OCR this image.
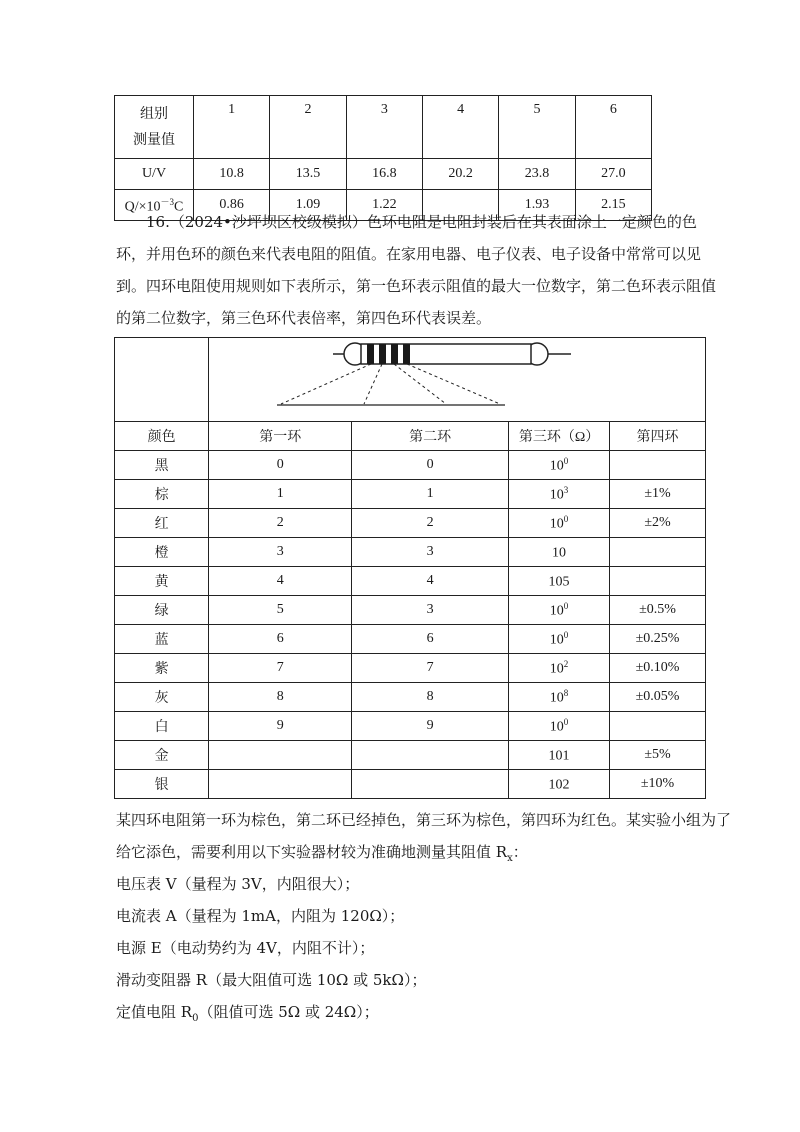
组别
测量值	1	2	3	4	5	6
U/V	10.8	13.5	16.8	20.2	23.8	27.0
$Q/\times 10^{-3}C$	0.86	1.09	1.22		1.93	2.15
16.（2024•沙坪坝区校级模拟）色环电阻是电阻封装后在其表面涂上一定颜色的色环，并用色环的颜色来代表电阻的阻值。在家用电器、电子仪表、电子设备中常常可以见到。四环电阻使用规则如下表所示，第一色环表示阻值的最大一位数字，第二色环表示阻值的第二位数字，第三色环代表倍率，第四色环代表误差。

颜色	第一环	第二环	第三环（Ω）	第四环
黑	0	0	$10^0$	
棕	1	1	$10^3$	±1%
红	2	2	$10^0$	±2%
橙	3	3	10	
黄	4	4	105	
绿	5	3	$10^0$	±0.5%
蓝	6	6	$10^0$	±0.25%
紫	7	7	$10^2$	±0.10%
灰	8	8	$10^8$	±0.05%
白	9	9	$10^0$	
金			101	±5%
银			102	±10%
某四环电阻第一环为棕色，第二环已经掉色，第三环为棕色，第四环为红色。某实验小组为了
给它添色，需要利用以下实验器材较为准确地测量其阻值 $R_x$：
电压表 V（量程为 3V，内阻很大）；
电流表 A（量程为 1mA，内阻为 120Ω）；
电源 E（电动势约为 4V，内阻不计）；
滑动变阻器 R（最大阻值可选 10Ω 或 5kΩ）；
定值电阻 $R_0$（阻值可选 5Ω 或 24Ω）；
